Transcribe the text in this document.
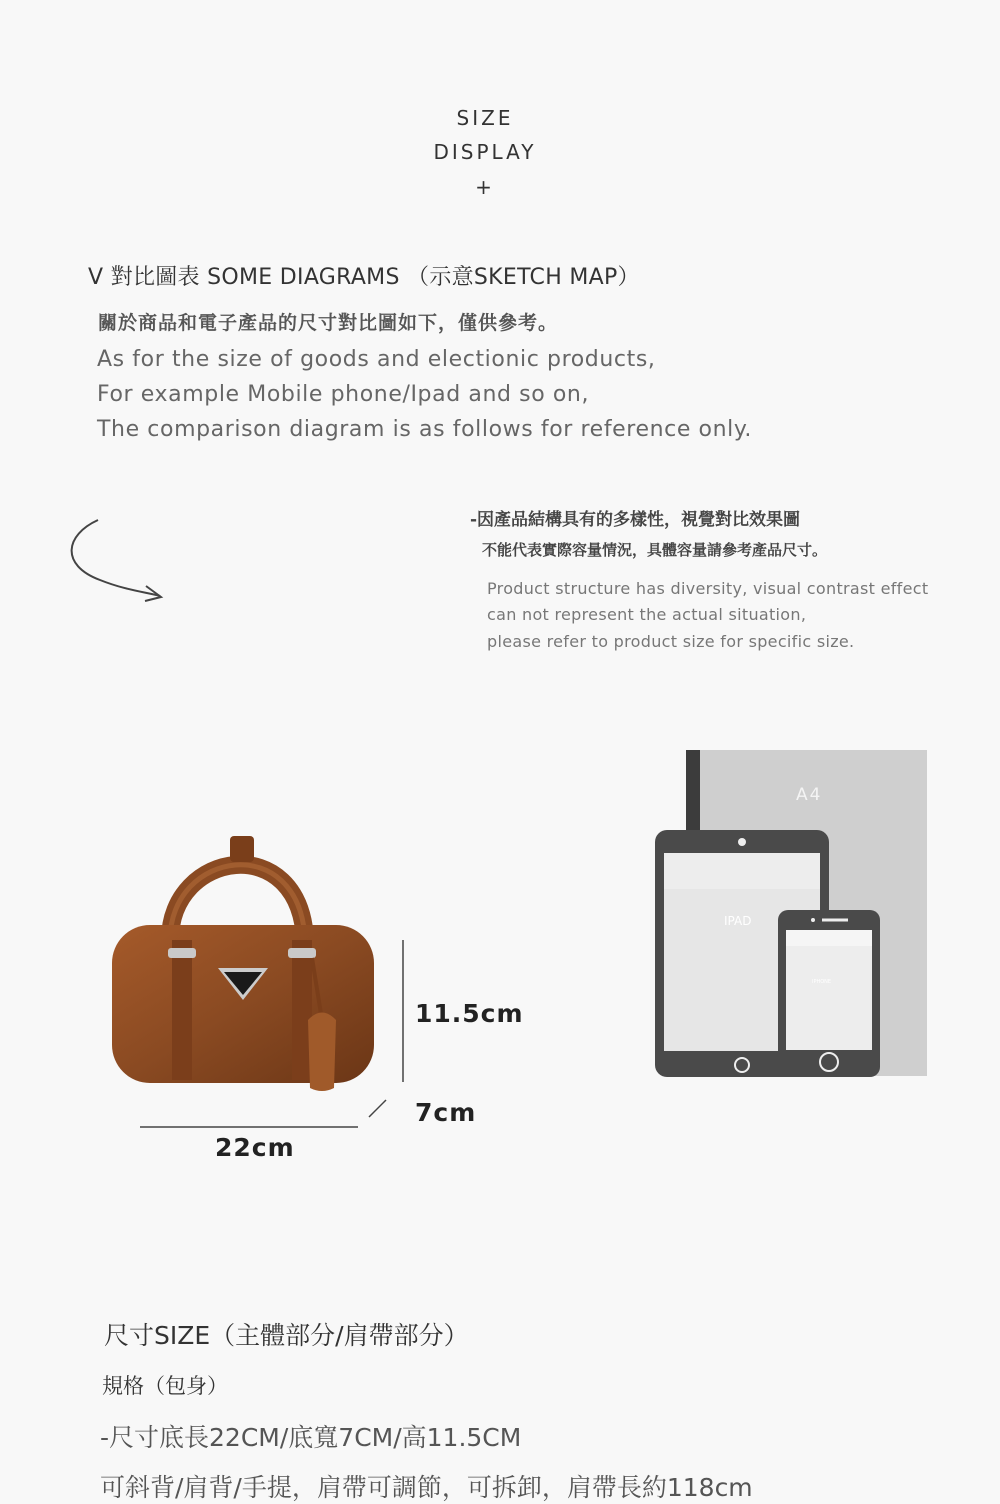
SIZE
DISPLAY
+
V 對比圖表 SOME DIAGRAMS （示意SKETCH MAP）
關於商品和電子產品的尺寸對比圖如下，僅供參考。
As for the size of goods and electionic products,
For example Mobile phone/Ipad and so on,
The comparison diagram is as follows for reference only.
-因產品結構具有的多樣性，視覺對比效果圖
不能代表實際容量情況，具體容量請參考產品尺寸。
Product structure has diversity, visual contrast effect
can not represent the actual situation,
please refer to product size for specific size.
11.5cm
7cm
22cm
A4
IPAD
IPHONE
尺寸SIZE（主體部分/肩帶部分）
規格（包身）
-尺寸底長22CM/底寬7CM/高11.5CM
可斜背/肩背/手提，肩帶可調節，可拆卸，肩帶長約118cm
